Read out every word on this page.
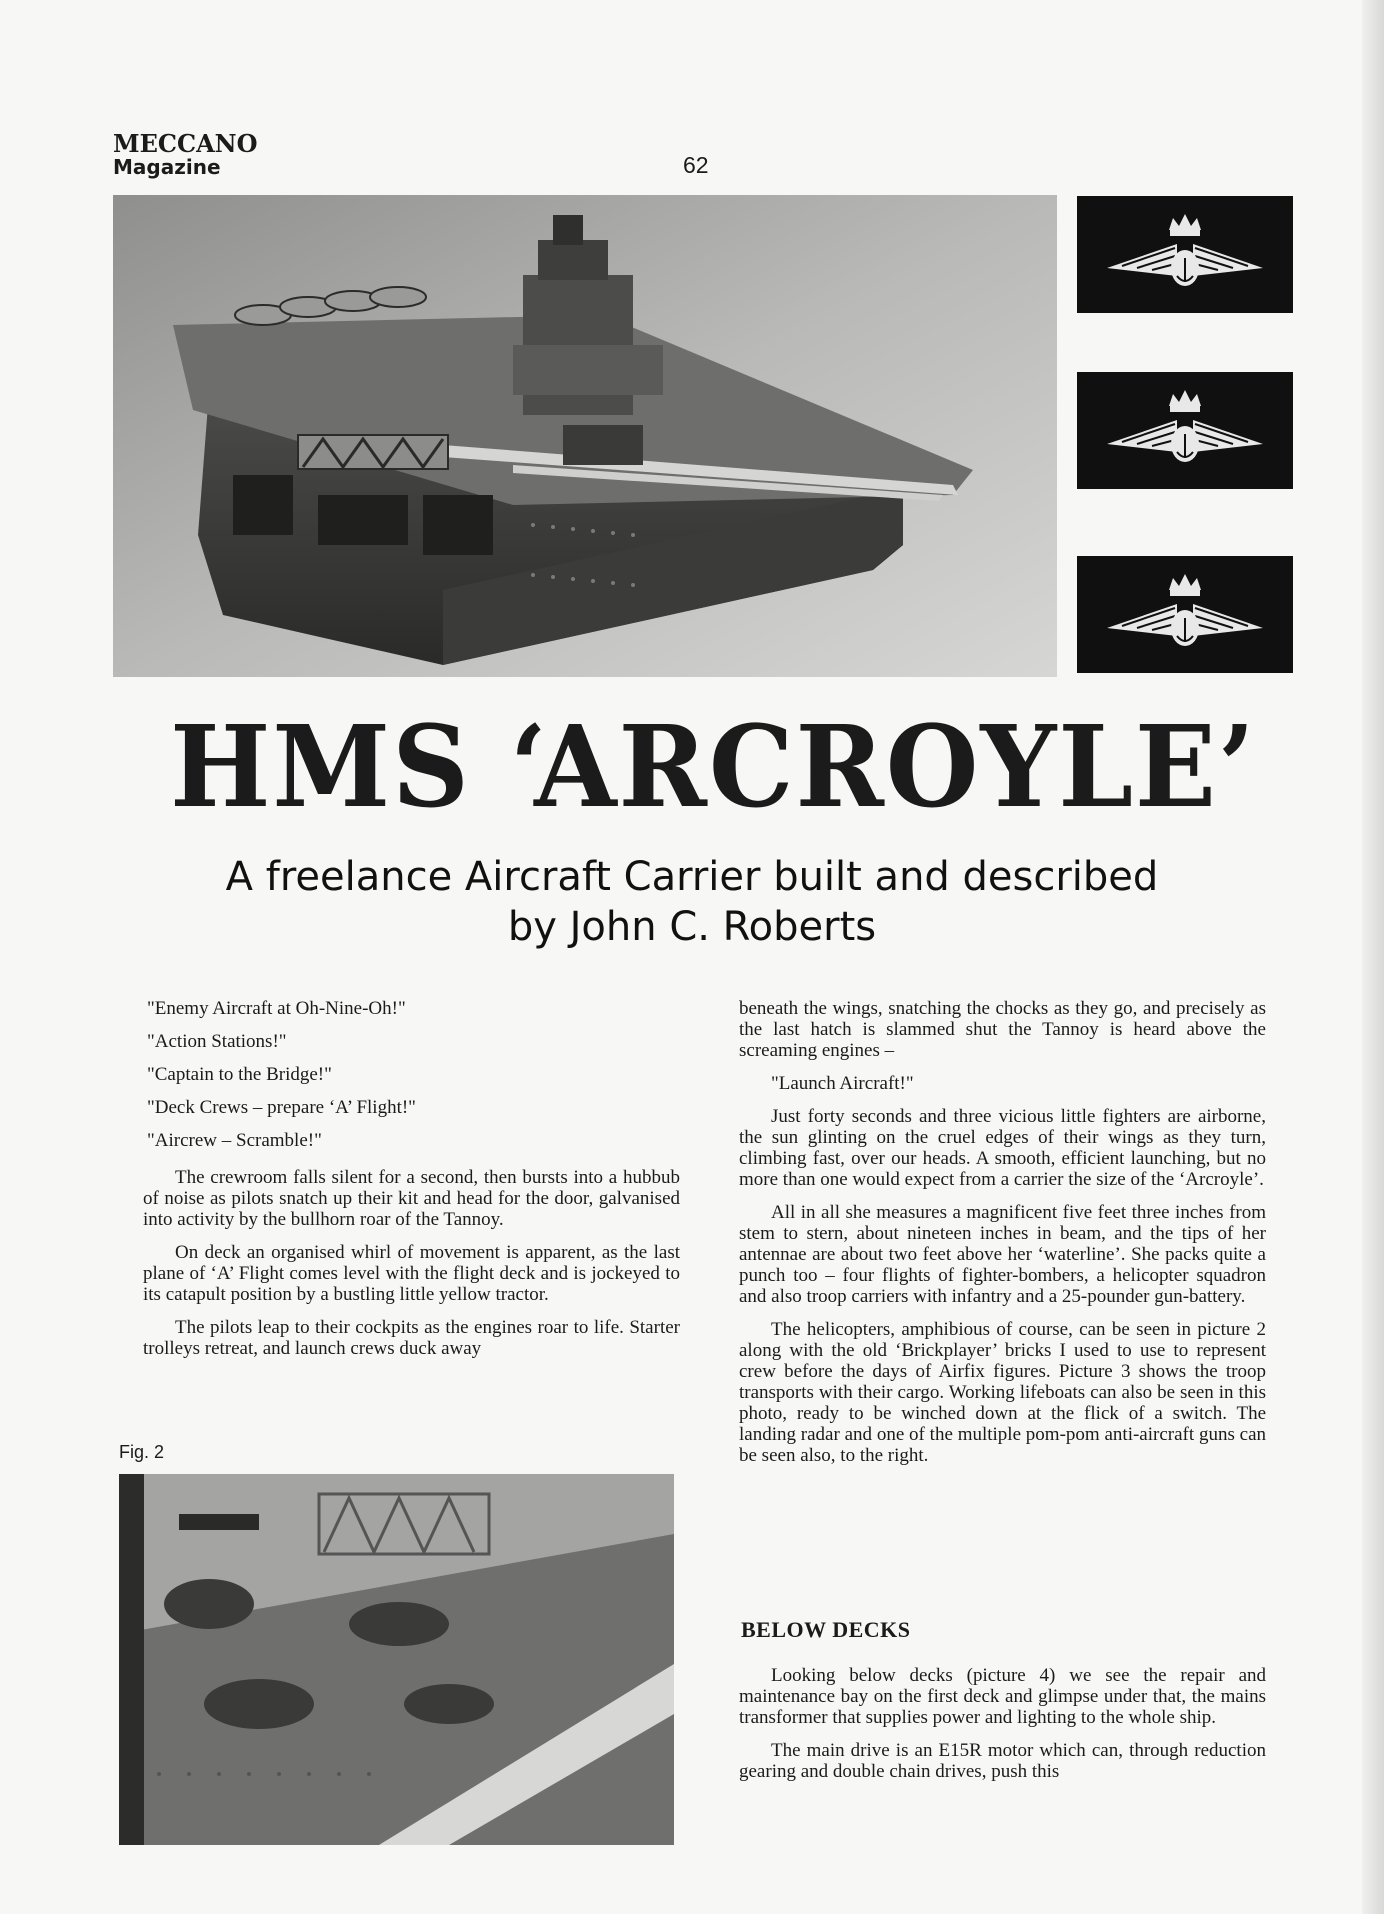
MECCANO
Magazine	62
HMS ‘ARCROYLE’
A freelance Aircraft Carrier built and described
by John C. Roberts
"Enemy Aircraft at Oh-Nine-Oh!"
"Action Stations!"
"Captain to the Bridge!"
"Deck Crews – prepare ‘A’ Flight!"
"Aircrew – Scramble!"

The crewroom falls silent for a second, then bursts into a hubbub of noise as pilots snatch up their kit and head for the door, galvanised into activity by the bullhorn roar of the Tannoy.

On deck an organised whirl of movement is apparent, as the last plane of ‘A’ Flight comes level with the flight deck and is jockeyed to its catapult position by a bustling little yellow tractor.

The pilots leap to their cockpits as the engines roar to life. Starter trolleys retreat, and launch crews duck away

Fig. 2

beneath the wings, snatching the chocks as they go, and precisely as the last hatch is slammed shut the Tannoy is heard above the screaming engines –

"Launch Aircraft!"

Just forty seconds and three vicious little fighters are airborne, the sun glinting on the cruel edges of their wings as they turn, climbing fast, over our heads. A smooth, efficient launching, but no more than one would expect from a carrier the size of the ‘Arcroyle’.

All in all she measures a magnificent five feet three inches from stem to stern, about nineteen inches in beam, and the tips of her antennae are about two feet above her ‘waterline’. She packs quite a punch too – four flights of fighter-bombers, a helicopter squadron and also troop carriers with infantry and a 25-pounder gun-battery.

The helicopters, amphibious of course, can be seen in picture 2 along with the old ‘Brickplayer’ bricks I used to use to represent crew before the days of Airfix figures. Picture 3 shows the troop transports with their cargo. Working lifeboats can also be seen in this photo, ready to be winched down at the flick of a switch. The landing radar and one of the multiple pom-pom anti-aircraft guns can be seen also, to the right.

BELOW DECKS

Looking below decks (picture 4) we see the repair and maintenance bay on the first deck and glimpse under that, the mains transformer that supplies power and lighting to the whole ship.

The main drive is an E15R motor which can, through reduction gearing and double chain drives, push this
